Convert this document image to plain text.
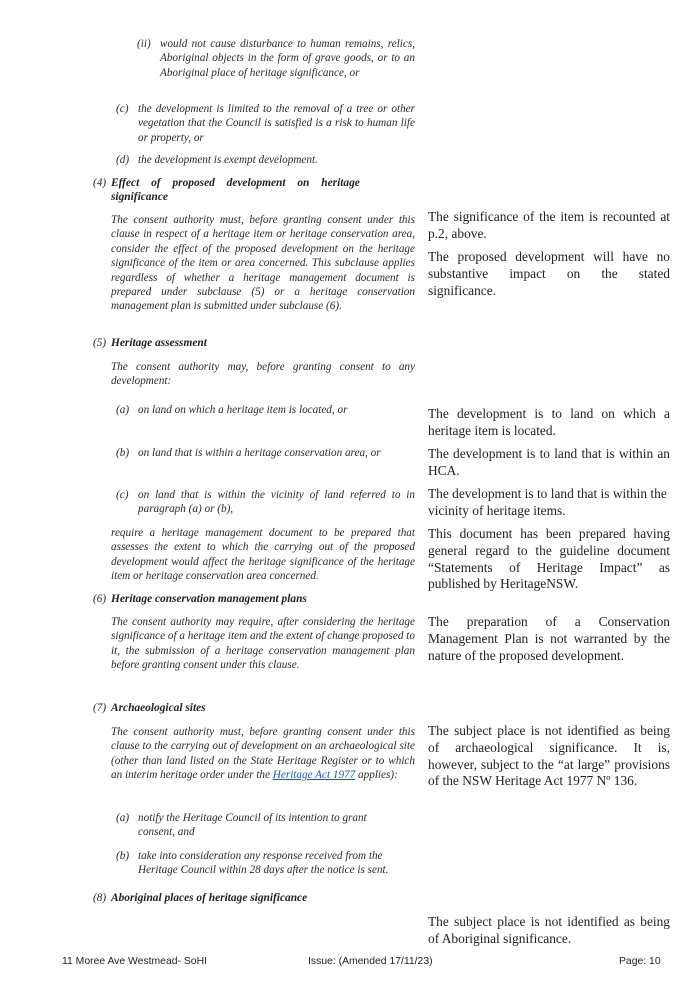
(ii) would not cause disturbance to human remains, relics, Aboriginal objects in the form of grave goods, or to an Aboriginal place of heritage significance, or
(c) the development is limited to the removal of a tree or other vegetation that the Council is satisfied is a risk to human life or property, or
(d) the development is exempt development.
(4) Effect of proposed development on heritage significance
The consent authority must, before granting consent under this clause in respect of a heritage item or heritage conservation area, consider the effect of the proposed development on the heritage significance of the item or area concerned. This subclause applies regardless of whether a heritage management document is prepared under subclause (5) or a heritage conservation management plan is submitted under subclause (6).
(5) Heritage assessment
The consent authority may, before granting consent to any development:
(a) on land on which a heritage item is located, or
(b) on land that is within a heritage conservation area, or
(c) on land that is within the vicinity of land referred to in paragraph (a) or (b),
require a heritage management document to be prepared that assesses the extent to which the carrying out of the proposed development would affect the heritage significance of the heritage item or heritage conservation area concerned.
(6) Heritage conservation management plans
The consent authority may require, after considering the heritage significance of a heritage item and the extent of change proposed to it, the submission of a heritage conservation management plan before granting consent under this clause.
(7) Archaeological sites
The consent authority must, before granting consent under this clause to the carrying out of development on an archaeological site (other than land listed on the State Heritage Register or to which an interim heritage order under the Heritage Act 1977 applies):
(a) notify the Heritage Council of its intention to grant consent, and
(b) take into consideration any response received from the Heritage Council within 28 days after the notice is sent.
(8) Aboriginal places of heritage significance
The significance of the item is recounted at p.2, above.
The proposed development will have no substantive impact on the stated significance.
The development is to land on which a heritage item is located.
The development is to land that is within an HCA.
The development is to land that is within the vicinity of heritage items.
This document has been prepared having general regard to the guideline document “Statements of Heritage Impact” as published by HeritageNSW.
The preparation of a Conservation Management Plan is not warranted by the nature of the proposed development.
The subject place is not identified as being of archaeological significance. It is, however, subject to the “at large” provisions of the NSW Heritage Act 1977 Nº 136.
The subject place is not identified as being of Aboriginal significance.
11 Moree Ave Westmead- SoHI	Issue: (Amended 17/11/23)	Page: 10
